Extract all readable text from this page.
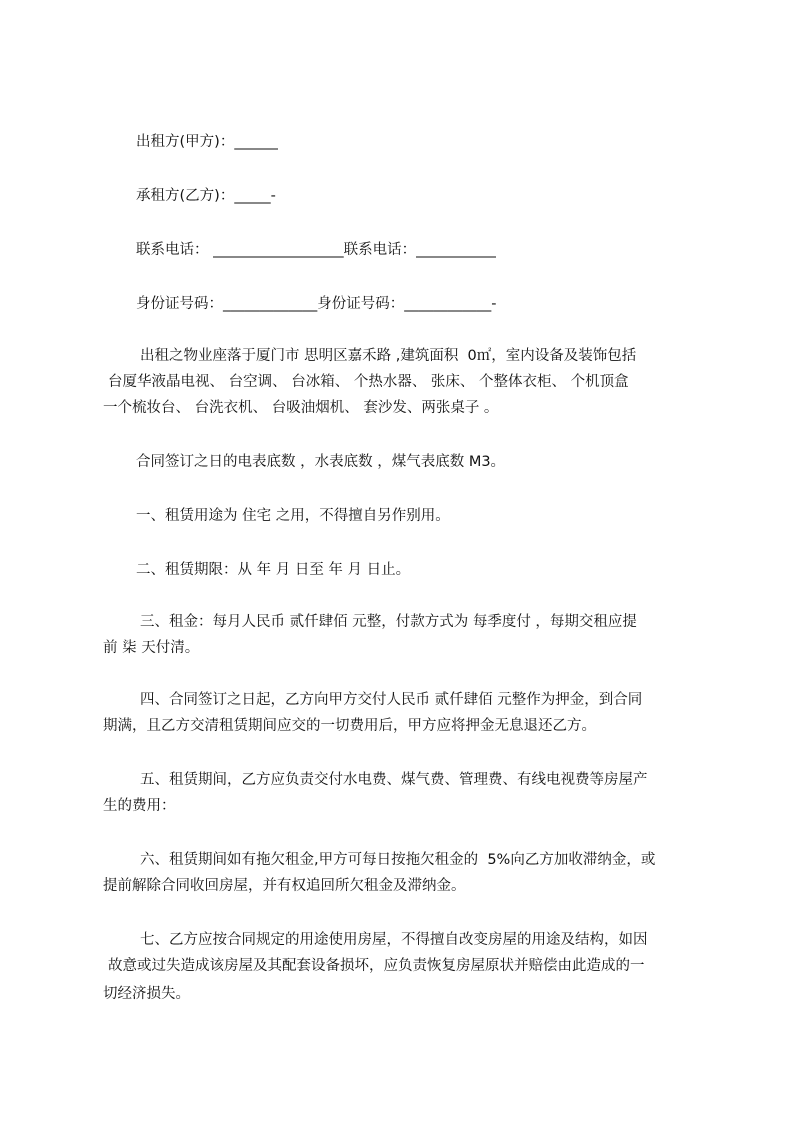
出租方(甲方)：______
承租方(乙方)：_____-
联系电话： __________________联系电话：___________
身份证号码：_____________身份证号码：____________-
出租之物业座落于厦门市 思明区嘉禾路 ,建筑面积  0㎡，室内设备及装饰包括
台厦华液晶电视、 台空调、 台冰箱、 个热水器、 张床、 个整体衣柜、 个机顶盒
一个梳妆台、 台洗衣机、 台吸油烟机、 套沙发、两张桌子 。
合同签订之日的电表底数 ，水表底数 ，煤气表底数 M3。
一、租赁用途为 住宅 之用，不得擅自另作别用。
二、租赁期限：从 年 月 日至 年 月 日止。
三、租金：每月人民币 贰仟肆佰 元整，付款方式为 每季度付 ，每期交租应提
前 柒 天付清。
四、合同签订之日起，乙方向甲方交付人民币 贰仟肆佰 元整作为押金，到合同
期满，且乙方交清租赁期间应交的一切费用后，甲方应将押金无息退还乙方。
五、租赁期间，乙方应负责交付水电费、煤气费、管理费、有线电视费等房屋产
生的费用：
六、租赁期间如有拖欠租金,甲方可每日按拖欠租金的  5%向乙方加收滞纳金，或
提前解除合同收回房屋，并有权追回所欠租金及滞纳金。
七、乙方应按合同规定的用途使用房屋，不得擅自改变房屋的用途及结构，如因
故意或过失造成该房屋及其配套设备损坏，应负责恢复房屋原状并赔偿由此造成的一
切经济损失。
